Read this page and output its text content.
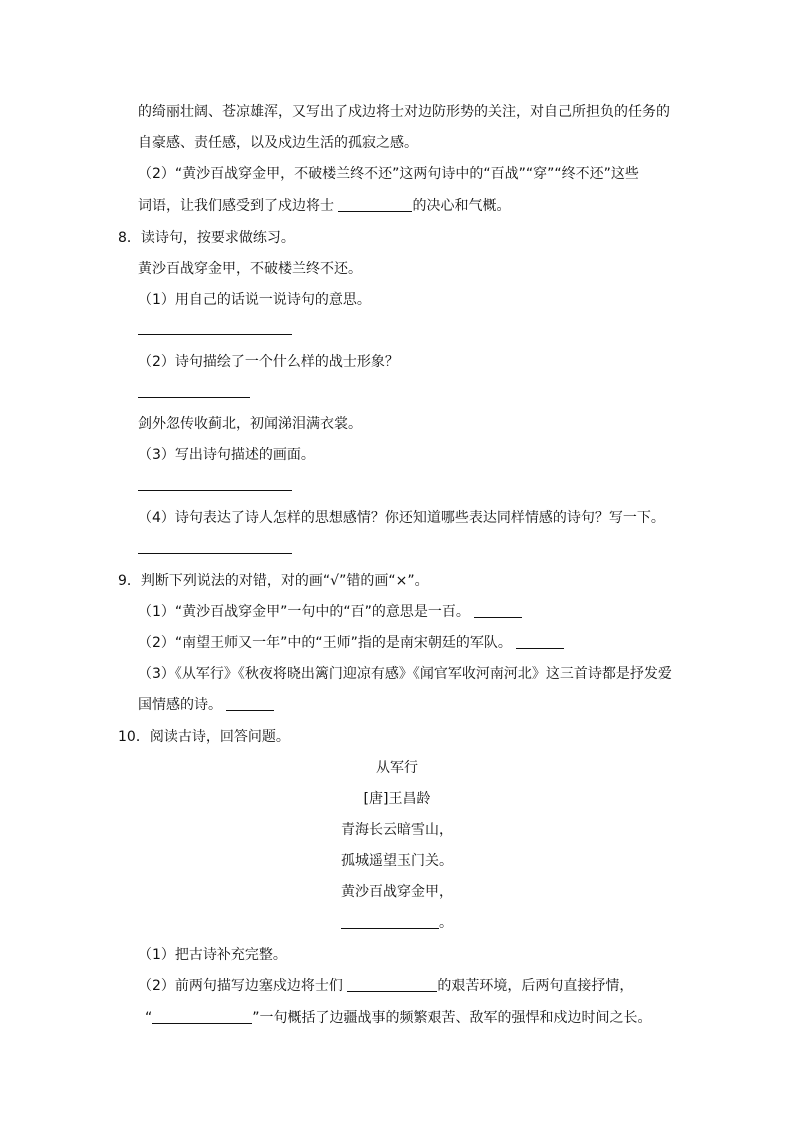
的绮丽壮阔、苍凉雄浑，又写出了戍边将士对边防形势的关注，对自己所担负的任务的
自豪感、责任感，以及戍边生活的孤寂之感。
（2）“黄沙百战穿金甲，不破楼兰终不还”这两句诗中的“百战”“穿”“终不还”这些
词语，让我们感受到了戍边将士	的决心和气概。
8．读诗句，按要求做练习。
黄沙百战穿金甲，不破楼兰终不还。
（1）用自己的话说一说诗句的意思。
（2）诗句描绘了一个什么样的战士形象？
剑外忽传收蓟北，初闻涕泪满衣裳。
（3）写出诗句描述的画面。
（4）诗句表达了诗人怎样的思想感情？你还知道哪些表达同样情感的诗句？写一下。
9．判断下列说法的对错，对的画“√”错的画“×”。
（1）“黄沙百战穿金甲”一句中的“百”的意思是一百。
（2）“南望王师又一年”中的“王师”指的是南宋朝廷的军队。
（3）《从军行》《秋夜将晓出篱门迎凉有感》《闻官军收河南河北》这三首诗都是抒发爱
国情感的诗。
10．阅读古诗，回答问题。
从军行
[唐]王昌龄
青海长云暗雪山，
孤城遥望玉门关。
黄沙百战穿金甲，
。
（1）把古诗补充完整。
（2）前两句描写边塞戍边将士们	的艰苦环境，后两句直接抒情，
“	”一句概括了边疆战事的频繁艰苦、敌军的强悍和戍边时间之长。
